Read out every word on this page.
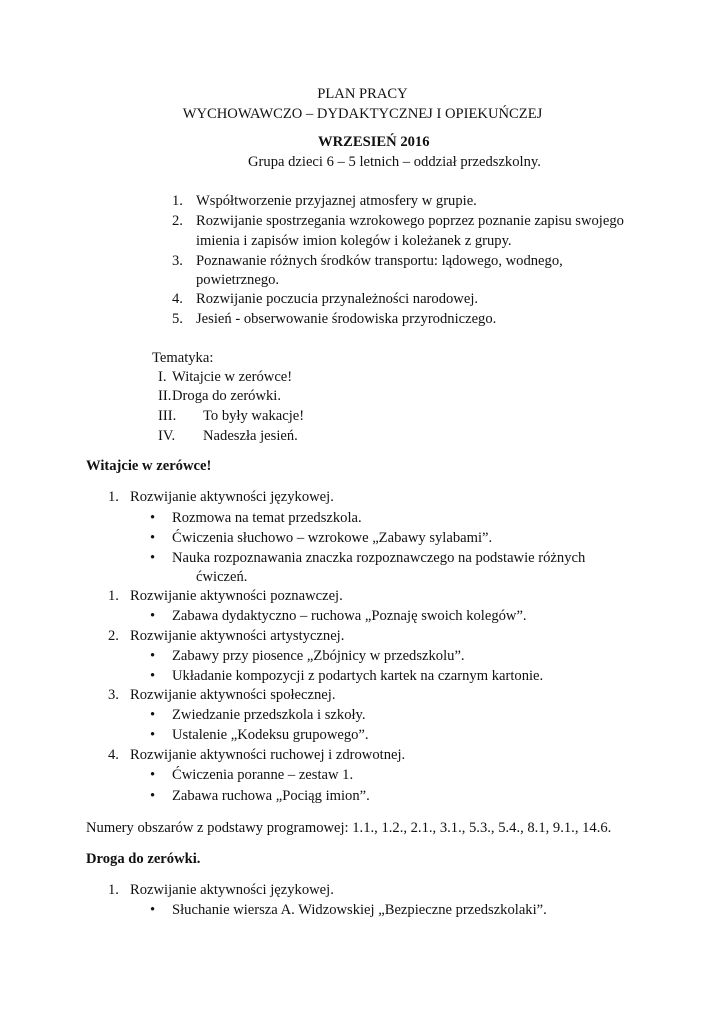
PLAN PRACY
WYCHOWAWCZO – DYDAKTYCZNEJ I OPIEKUŃCZEJ
WRZESIEŃ 2016
Grupa dzieci 6 – 5 letnich – oddział przedszkolny.
1. Współtworzenie przyjaznej atmosfery w grupie.
2. Rozwijanie spostrzegania wzrokowego poprzez poznanie zapisu swojego
imienia i zapisów imion kolegów i koleżanek z grupy.
3. Poznawanie różnych środków transportu: lądowego, wodnego,
powietrznego.
4. Rozwijanie poczucia przynależności narodowej.
5. Jesień - obserwowanie środowiska przyrodniczego.
Tematyka:
I. Witajcie w zerówce!
II. Droga do zerówki.
III. To były wakacje!
IV. Nadeszła jesień.
Witajcie w zerówce!
1. Rozwijanie aktywności językowej.
• Rozmowa na temat przedszkola.
• Ćwiczenia słuchowo – wzrokowe „Zabawy sylabami”.
• Nauka rozpoznawania znaczka rozpoznawczego na podstawie różnych
ćwiczeń.
1. Rozwijanie aktywności poznawczej.
• Zabawa dydaktyczno – ruchowa „Poznaję swoich kolegów”.
2. Rozwijanie aktywności artystycznej.
• Zabawy przy piosence „Zbójnicy w przedszkolu”.
• Układanie kompozycji z podartych kartek na czarnym kartonie.
3. Rozwijanie aktywności społecznej.
• Zwiedzanie przedszkola i szkoły.
• Ustalenie „Kodeksu grupowego”.
4. Rozwijanie aktywności ruchowej i zdrowotnej.
• Ćwiczenia poranne – zestaw 1.
• Zabawa ruchowa „Pociąg imion”.
Numery obszarów z podstawy programowej: 1.1., 1.2., 2.1., 3.1., 5.3., 5.4., 8.1, 9.1., 14.6.
Droga do zerówki.
1. Rozwijanie aktywności językowej.
• Słuchanie wiersza A. Widzowskiej „Bezpieczne przedszkolaki”.
